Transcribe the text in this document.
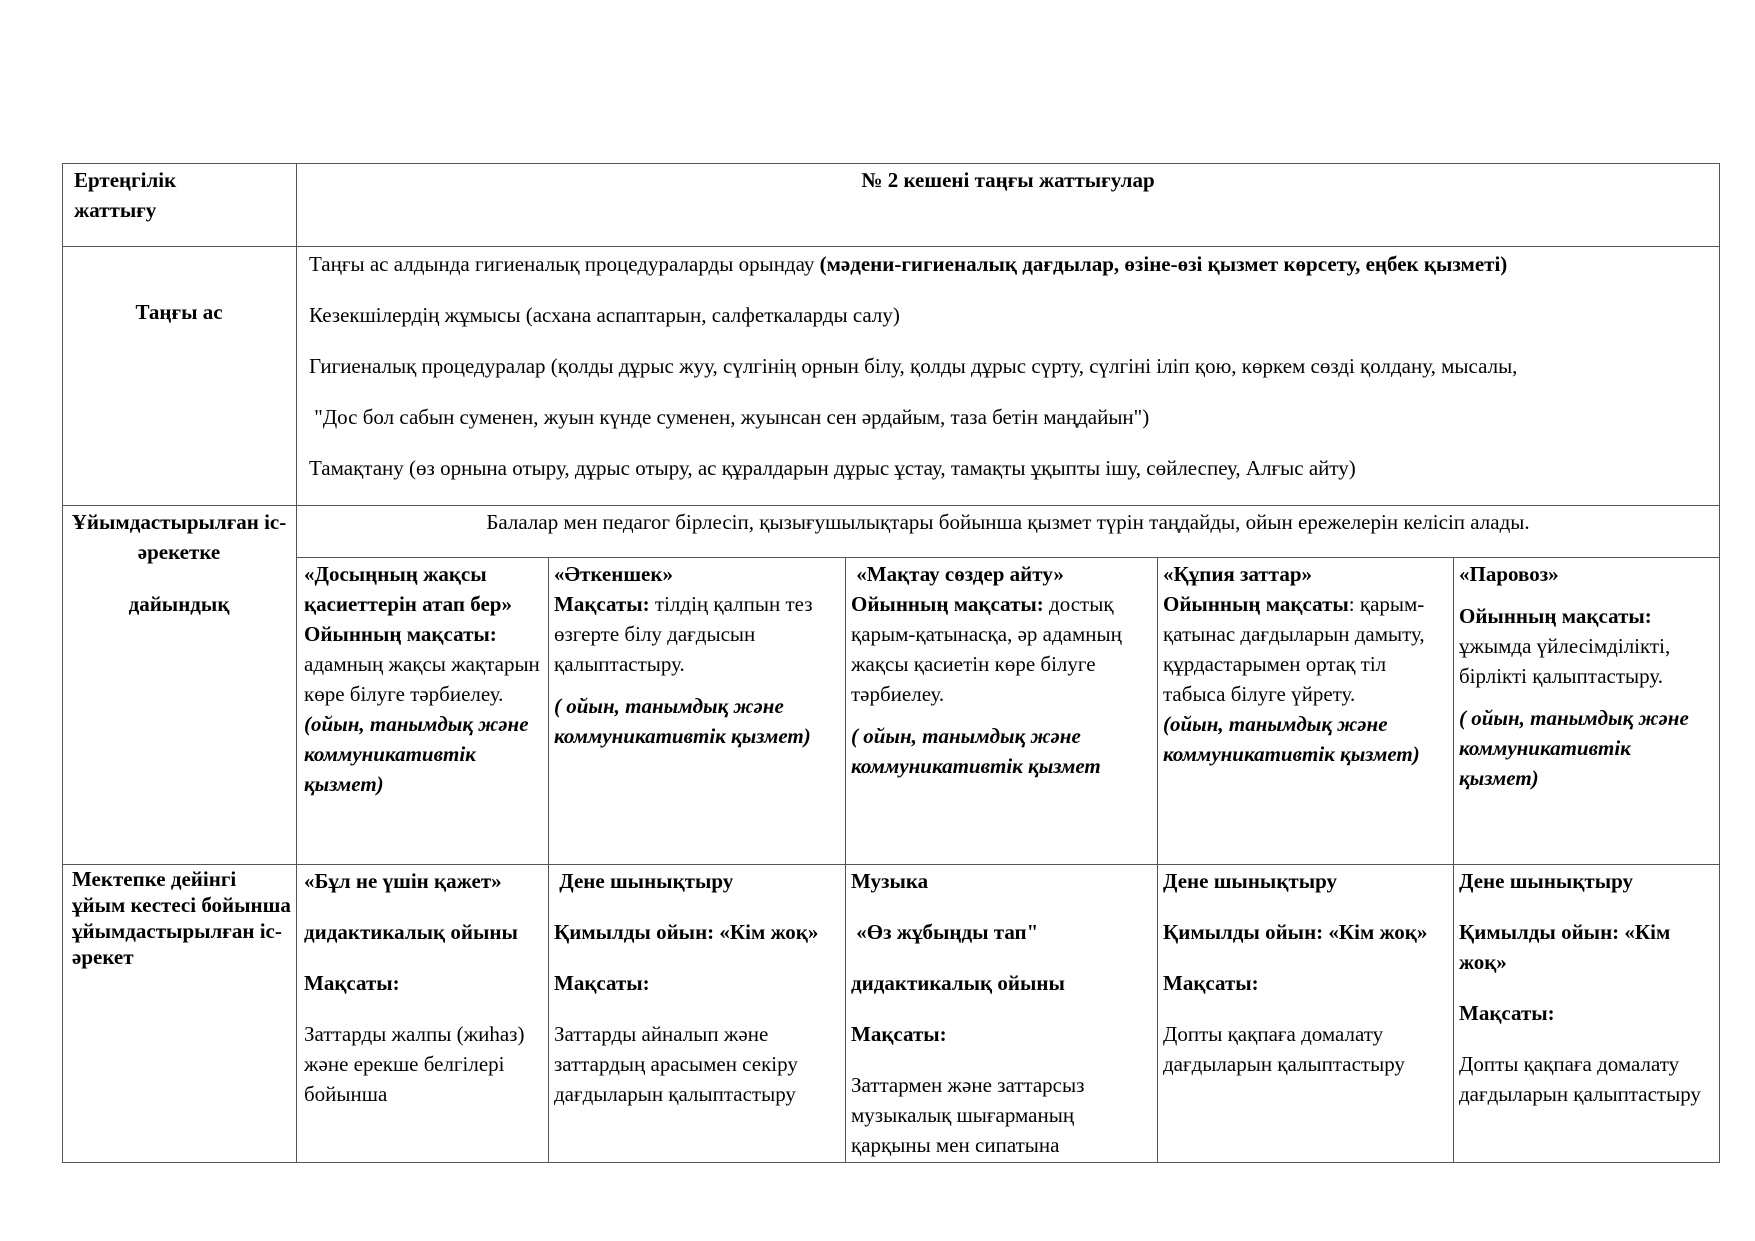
Ертеңгілік жаттығу

№ 2 кешені таңғы жаттығулар

Таңғы ас

Таңғы ас алдында гигиеналық процедураларды орындау (мәдени-гигиеналық дағдылар, өзіне-өзі қызмет көрсету, еңбек қызметі)

Кезекшілердің жұмысы (асхана аспаптарын, салфеткаларды салу)

Гигиеналық процедуралар (қолды дұрыс жуу, сүлгінің орнын білу, қолды дұрыс сүрту, сүлгіні іліп қою, көркем сөзді қолдану, мысалы,

"Дос бол сабын суменен, жуын күнде суменен, жуынсан сен әрдайым, таза бетін маңдайын")

Тамақтану (өз орнына отыру, дұрыс отыру, ас құралдарын дұрыс ұстау, тамақты ұқыпты ішу, сөйлеспеу, Алғыс айту)

Ұйымдастырылған іс-әрекетке

дайындық

Балалар мен педагог бірлесіп, қызығушылықтары бойынша қызмет түрін таңдайды, ойын ережелерін келісіп алады.

«Досыңның жақсы қасиеттерін атап бер»

Ойынның мақсаты: адамның жақсы жақтарын көре білуге тәрбиелеу. (ойын, танымдық және коммуникативтік қызмет)

«Әткеншек»

Мақсаты: тілдің қалпын тез өзгерте білу дағдысын қалыптастыру.

( ойын, танымдық және коммуникативтік қызмет)

«Мақтау сөздер айту»

Ойынның мақсаты: достық қарым-қатынасқа, әр адамның жақсы қасиетін көре білуге тәрбиелеу.

( ойын, танымдық және коммуникативтік қызмет

«Құпия заттар»

Ойынның мақсаты: қарым-қатынас дағдыларын дамыту, құрдастарымен ортақ тіл табыса білуге үйрету.

(ойын, танымдық және коммуникативтік қызмет)

«Паровоз»

Ойынның мақсаты: ұжымда үйлесімділікті, бірлікті қалыптастыру.

( ойын, танымдық және коммуникативтік қызмет)

Мектепке дейінгі ұйым кестесі бойынша ұйымдастырылған іс-әрекет

«Бұл не үшін қажет»

дидактикалық ойыны

Мақсаты:

Заттарды жалпы (жиһаз) және ерекше белгілері бойынша

Дене шынықтыру

Қимылды ойын: «Кім жоқ»

Мақсаты:

Заттарды айналып және заттардың арасымен секіру дағдыларын қалыптастыру

Музыка

«Өз жұбыңды тап"

дидактикалық ойыны

Мақсаты:

Заттармен және заттарсыз музыкалық шығарманың қарқыны мен сипатына

Дене шынықтыру

Қимылды ойын: «Кім жоқ»

Мақсаты:

Допты қақпаға домалату дағдыларын қалыптастыру

Дене шынықтыру

Қимылды ойын: «Кім жоқ»

Мақсаты:

Допты қақпаға домалату дағдыларын қалыптастыру
